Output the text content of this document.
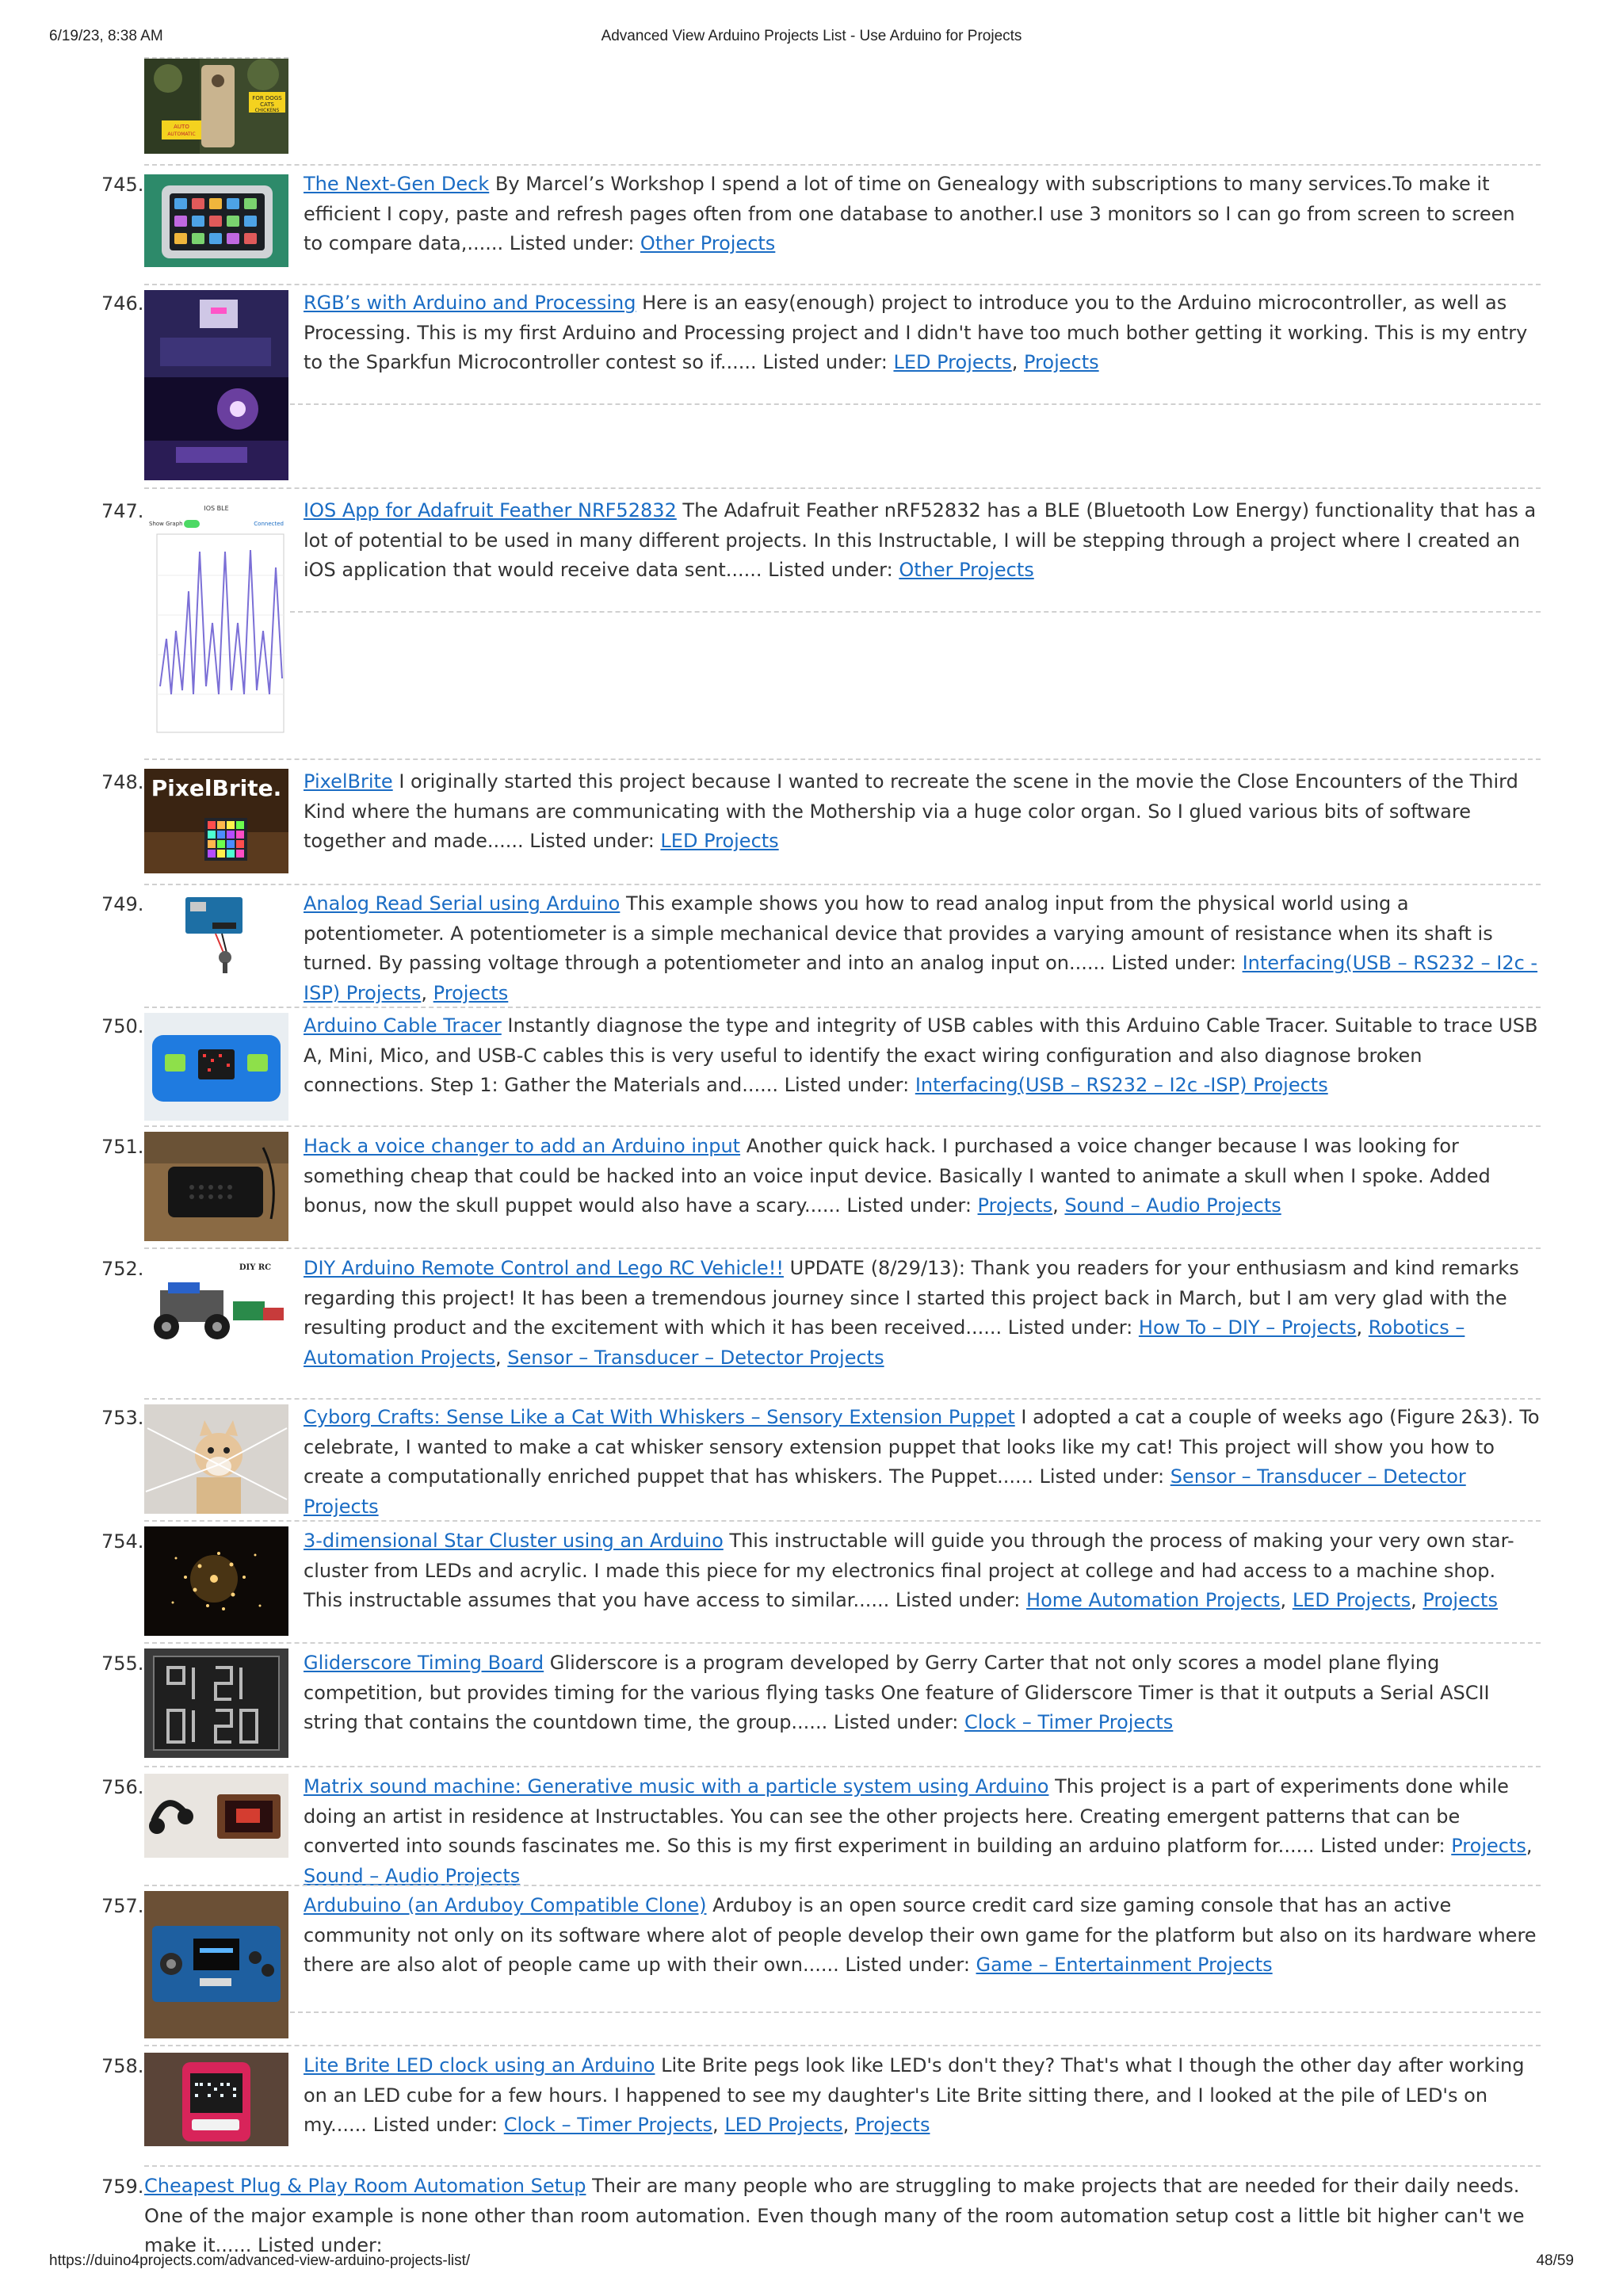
6/19/23, 8:38 AM	Advanced View Arduino Projects List - Use Arduino for Projects
FOR DOGS
CATS
CHICKENS
AUTO
AUTOMATIC
745.	The Next-Gen Deck By Marcel’s Workshop I spend a lot of time on Genealogy with subscriptions to many services.To make it efficient I copy, paste and refresh pages often from one database to another.I use 3 monitors so I can go from screen to screen to compare data,...... Listed under: Other Projects
746.	RGB’s with Arduino and Processing Here is an easy(enough) project to introduce you to the Arduino microcontroller, as well as Processing. This is my first Arduino and Processing project and I didn't have too much bother getting it working. This is my entry to the Sparkfun Microcontroller contest so if...... Listed under: LED Projects, Projects
747.	IOS BLE
Show Graph	Connected
IOS App for Adafruit Feather NRF52832 The Adafruit Feather nRF52832 has a BLE (Bluetooth Low Energy) functionality that has a lot of potential to be used in many different projects. In this Instructable, I will be stepping through a project where I created an iOS application that would receive data sent...... Listed under: Other Projects
748. PixelBrite. PixelBrite I originally started this project because I wanted to recreate the scene in the movie the Close Encounters of the Third Kind where the humans are communicating with the Mothership via a huge color organ. So I glued various bits of software together and made...... Listed under: LED Projects
749.	Analog Read Serial using Arduino This example shows you how to read analog input from the physical world using a potentiometer. A potentiometer is a simple mechanical device that provides a varying amount of resistance when its shaft is turned. By passing voltage through a potentiometer and into an analog input on...... Listed under: Interfacing(USB – RS232 – I2c -ISP) Projects, Projects
750.	Arduino Cable Tracer Instantly diagnose the type and integrity of USB cables with this Arduino Cable Tracer. Suitable to trace USB A, Mini, Mico, and USB-C cables this is very useful to identify the exact wiring configuration and also diagnose broken connections. Step 1: Gather the Materials and...... Listed under: Interfacing(USB – RS232 – I2c -ISP) Projects
751.	Hack a voice changer to add an Arduino input Another quick hack. I purchased a voice changer because I was looking for something cheap that could be hacked into an voice input device. Basically I wanted to animate a skull when I spoke. Added bonus, now the skull puppet would also have a scary...... Listed under: Projects, Sound – Audio Projects
752.	DIY RC DIY Arduino Remote Control and Lego RC Vehicle!! UPDATE (8/29/13): Thank you readers for your enthusiasm and kind remarks regarding this project! It has been a tremendous journey since I started this project back in March, but I am very glad with the resulting product and the excitement with which it has been received...... Listed under: How To – DIY – Projects, Robotics – Automation Projects, Sensor – Transducer – Detector Projects
753.	Cyborg Crafts: Sense Like a Cat With Whiskers – Sensory Extension Puppet I adopted a cat a couple of weeks ago (Figure 2&3). To celebrate, I wanted to make a cat whisker sensory extension puppet that looks like my cat! This project will show you how to create a computationally enriched puppet that has whiskers. The Puppet...... Listed under: Sensor – Transducer – Detector Projects
754.	3-dimensional Star Cluster using an Arduino This instructable will guide you through the process of making your very own star-cluster from LEDs and acrylic. I made this piece for my electronics final project at college and had access to a machine shop. This instructable assumes that you have access to similar...... Listed under: Home Automation Projects, LED Projects, Projects
755.	Gliderscore Timing Board Gliderscore is a program developed by Gerry Carter that not only scores a model plane flying competition, but provides timing for the various flying tasks One feature of Gliderscore Timer is that it outputs a Serial ASCII string that contains the countdown time, the group...... Listed under: Clock – Timer Projects
756.	Matrix sound machine: Generative music with a particle system using Arduino This project is a part of experiments done while doing an artist in residence at Instructables. You can see the other projects here. Creating emergent patterns that can be converted into sounds fascinates me. So this is my first experiment in building an arduino platform for...... Listed under: Projects, Sound – Audio Projects
757.	Ardubuino (an Arduboy Compatible Clone) Arduboy is an open source credit card size gaming console that has an active community not only on its software where alot of people develop their own game for the platform but also on its hardware where there are also alot of people came up with their own...... Listed under: Game – Entertainment Projects
758.	Lite Brite LED clock using an Arduino Lite Brite pegs look like LED's don't they? That's what I though the other day after working on an LED cube for a few hours. I happened to see my daughter's Lite Brite sitting there, and I looked at the pile of LED's on my...... Listed under: Clock – Timer Projects, LED Projects, Projects
759. Cheapest Plug & Play Room Automation Setup Their are many people who are struggling to make projects that are needed for their daily needs. One of the major example is none other than room automation. Even though many of the room automation setup cost a little bit higher can't we make it...... Listed under:
https://duino4projects.com/advanced-view-arduino-projects-list/	48/59
